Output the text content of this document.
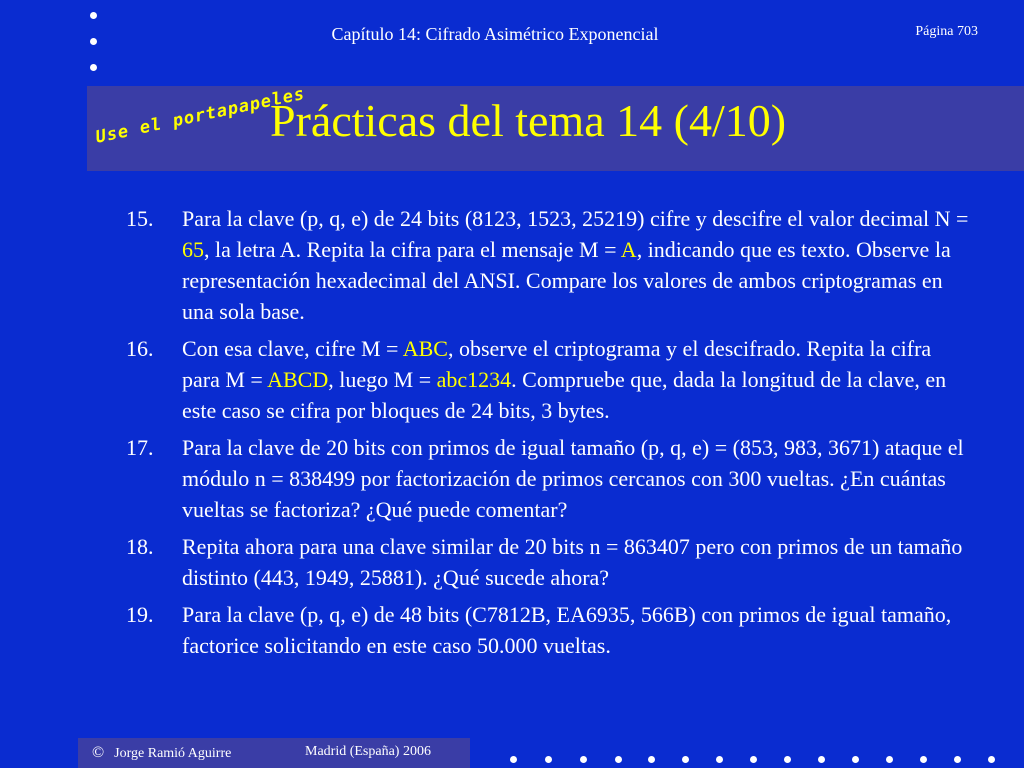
Capítulo 14: Cifrado Asimétrico Exponencial	Página 703
Use el portapapeles
Prácticas del tema 14 (4/10)
15.	Para la clave (p, q, e) de 24 bits (8123, 1523, 25219) cifre y descifre el valor decimal N = 65, la letra A. Repita la cifra para el mensaje M = A, indicando que es texto. Observe la representación hexadecimal del ANSI. Compare los valores de ambos criptogramas en una sola base.
16.	Con esa clave, cifre M = ABC, observe el criptograma y el descifrado. Repita la cifra para M = ABCD, luego M = abc1234. Compruebe que, dada la longitud de la clave, en este caso se cifra por bloques de 24 bits, 3 bytes.
17.	Para la clave de 20 bits con primos de igual tamaño (p, q, e) = (853, 983, 3671) ataque el módulo n = 838499 por factorización de primos cercanos con 300 vueltas. ¿En cuántas vueltas se factoriza? ¿Qué puede comentar?
18.	Repita ahora para una clave similar de 20 bits n = 863407 pero con primos de un tamaño distinto (443, 1949, 25881). ¿Qué sucede ahora?
19.	Para la clave (p, q, e) de 48 bits (C7812B, EA6935, 566B) con primos de igual tamaño, factorice solicitando en este caso 50.000 vueltas.
© Jorge Ramió Aguirre	Madrid (España) 2006
